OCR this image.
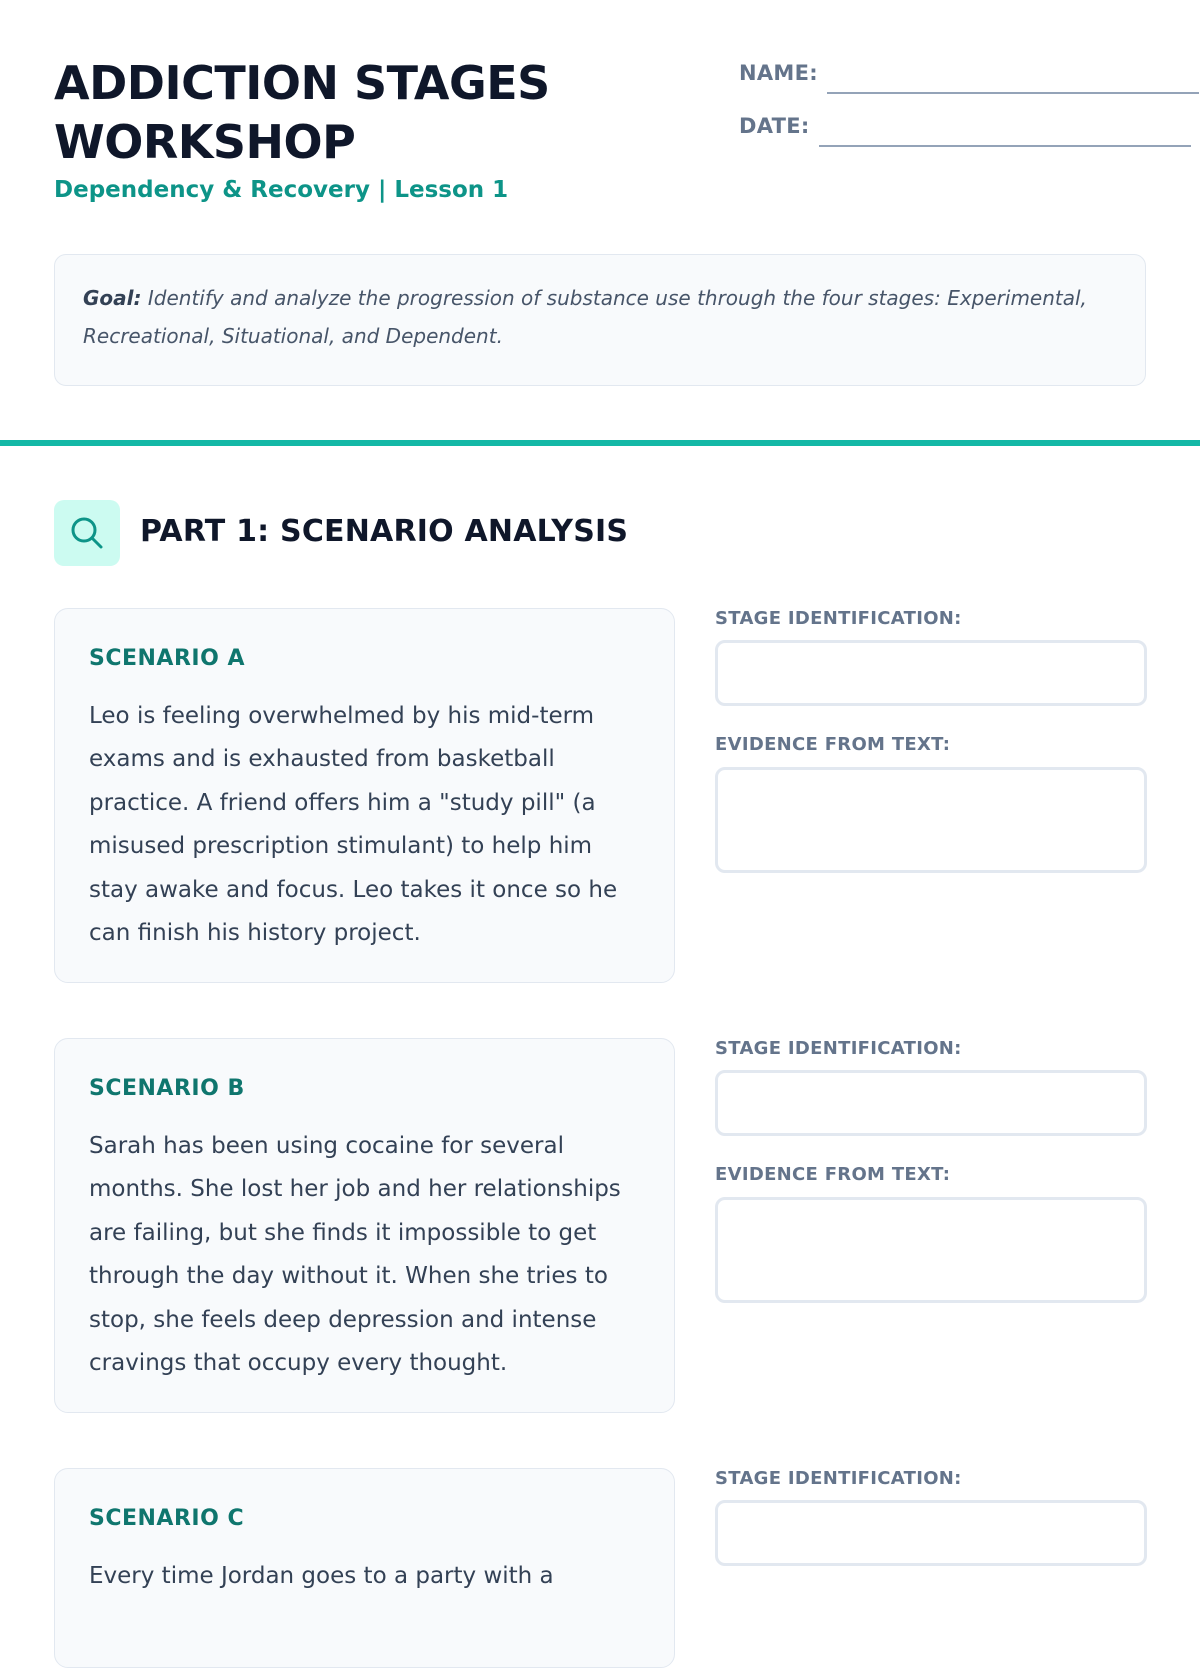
ADDICTION STAGES
WORKSHOP

Dependency & Recovery | Lesson 1

NAME:
DATE:
Goal: Identify and analyze the progression of substance use through the four stages: Experimental, Recreational, Situational, and Dependent.
PART 1: SCENARIO ANALYSIS
SCENARIO A

Leo is feeling overwhelmed by his mid-term exams and is exhausted from basketball practice. A friend offers him a "study pill" (a misused prescription stimulant) to help him stay awake and focus. Leo takes it once so he can finish his history project.

STAGE IDENTIFICATION:
EVIDENCE FROM TEXT:
SCENARIO B

Sarah has been using cocaine for several months. She lost her job and her relationships are failing, but she finds it impossible to get through the day without it. When she tries to stop, she feels deep depression and intense cravings that occupy every thought.

STAGE IDENTIFICATION:
EVIDENCE FROM TEXT:
SCENARIO C

Every time Jordan goes to a party with a

STAGE IDENTIFICATION:
